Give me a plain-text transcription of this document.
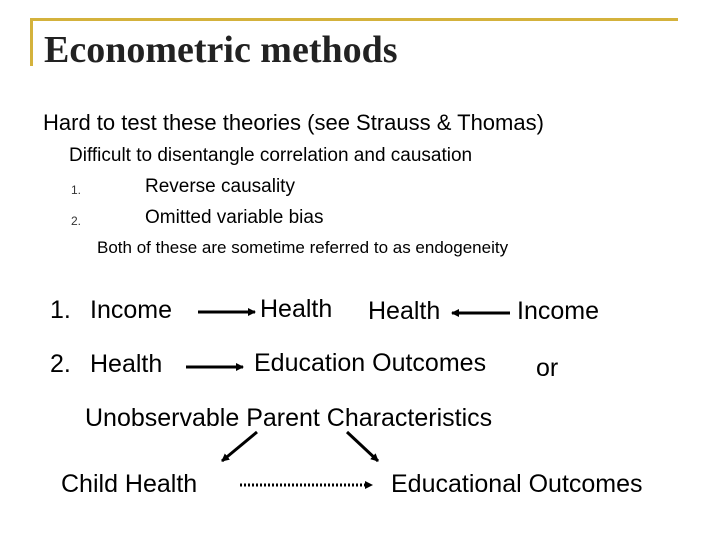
Econometric methods
Hard to test these theories (see Strauss & Thomas)
Difficult to disentangle correlation and causation
1.	Reverse causality
2.	Omitted variable bias
Both of these are sometime referred to as endogeneity
1. Income	Health Health	Income
2. Health	Education Outcomes or
Unobservable Parent Characteristics
Child Health	Educational Outcomes
